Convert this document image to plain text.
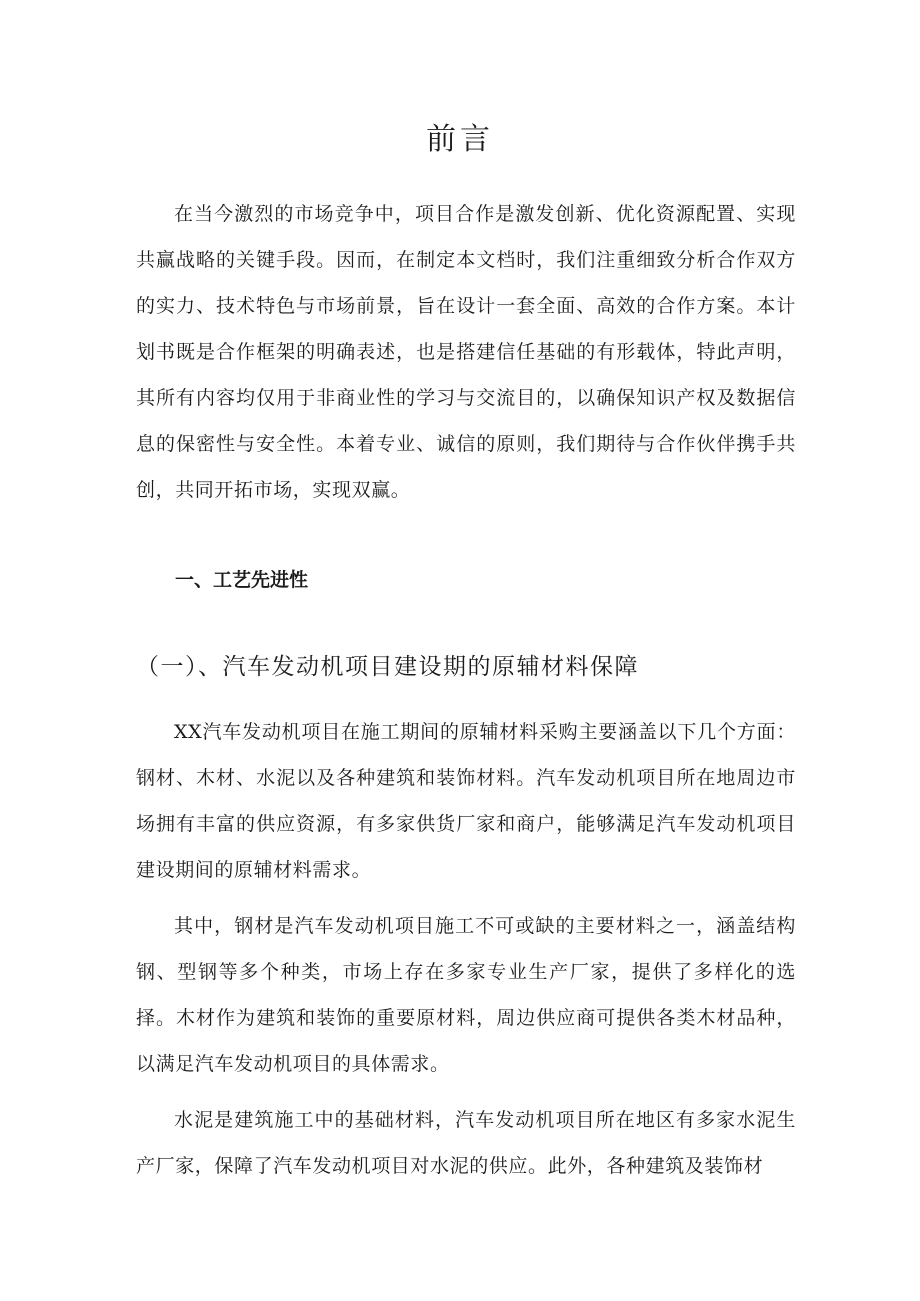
前言

在当今激烈的市场竞争中，项目合作是激发创新、优化资源配置、实现共赢战略的关键手段。因而，在制定本文档时，我们注重细致分析合作双方的实力、技术特色与市场前景，旨在设计一套全面、高效的合作方案。本计划书既是合作框架的明确表述，也是搭建信任基础的有形载体，特此声明，其所有内容均仅用于非商业性的学习与交流目的，以确保知识产权及数据信息的保密性与安全性。本着专业、诚信的原则，我们期待与合作伙伴携手共创，共同开拓市场，实现双赢。

一、工艺先进性
（一）、汽车发动机项目建设期的原辅材料保障

XX汽车发动机项目在施工期间的原辅材料采购主要涵盖以下几个方面：钢材、木材、水泥以及各种建筑和装饰材料。汽车发动机项目所在地周边市场拥有丰富的供应资源，有多家供货厂家和商户，能够满足汽车发动机项目建设期间的原辅材料需求。

其中，钢材是汽车发动机项目施工不可或缺的主要材料之一，涵盖结构钢、型钢等多个种类，市场上存在多家专业生产厂家，提供了多样化的选择。木材作为建筑和装饰的重要原材料，周边供应商可提供各类木材品种，以满足汽车发动机项目的具体需求。

水泥是建筑施工中的基础材料，汽车发动机项目所在地区有多家水泥生产厂家，保障了汽车发动机项目对水泥的供应。此外，各种建筑及装饰材
